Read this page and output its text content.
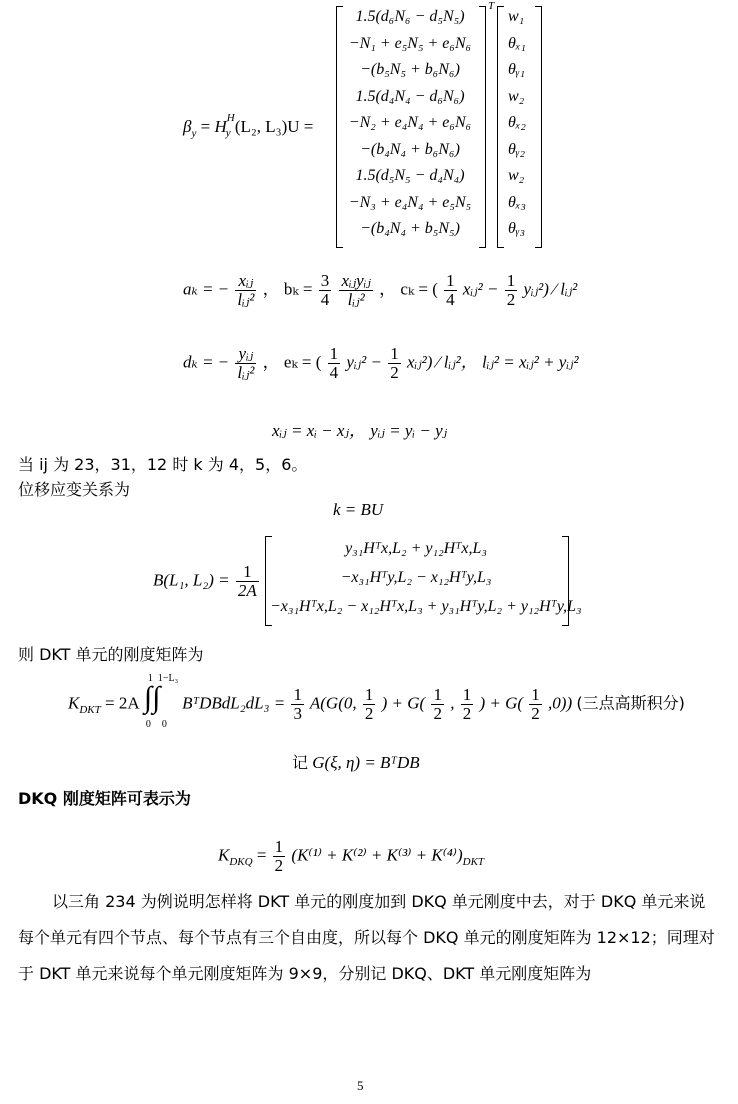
$\beta_y = H^H_y$ (L₂, L₃)U =
T
1.5(d₆N₆ − d₅N₅)
−N₁ + e₅N₅ + e₆N₆
−(b₅N₅ + b₆N₆)
1.5(d₄N₄ − d₆N₆)
−N₂ + e₄N₄ + e₆N₆
−(b₄N₄ + b₆N₆)
1.5(d₅N₅ − d₄N₄)
−N₃ + e₄N₄ + e₅N₅
−(b₄N₄ + b₅N₅)
w₁
θₓ₁
θᵧ₁
w₂
θₓ₂
θᵧ₂
w₂
θₓ₃
θᵧ₃
aₖ = − $\frac{\text{xᵢⱼ}}{\text{lᵢⱼ²}}$ ， $b_k = \frac{3}{4}$
$\frac{\text{xᵢⱼyᵢⱼ}}{\text{lᵢⱼ²}}$ ， cₖ = ( $\frac{1}{4}$ xᵢⱼ² − $\frac{1}{2}$ yᵢⱼ²) ⁄ lᵢⱼ²
dₖ = − $\frac{\text{yᵢⱼ}}{\text{lᵢⱼ²}}$ ， eₖ = ( $\frac{1}{4}$ yᵢⱼ² − $\frac{1}{2}$ xᵢⱼ²) ⁄ lᵢⱼ²， lᵢⱼ² = xᵢⱼ² + yᵢⱼ²
xᵢⱼ = xᵢ − xⱼ， yᵢⱼ = yᵢ − yⱼ
当 ij 为 23，31，12 时 k 为 4，5，6。
位移应变关系为
k = BU
B(L₁, $L_2) = \frac{1}{2A}$
y₃₁Hᵀx,L₂ + y₁₂Hᵀx,L₃
−x₃₁Hᵀy,L₂ − x₁₂Hᵀy,L₃
−x₃₁Hᵀx,L₂ − x₁₂Hᵀx,L₃ + y₃₁Hᵀy,L₂ + y₁₂Hᵀy,L₃
则 DKT 单元的刚度矩阵为
$K_{DKT} = 2A$ ∫∫
1 1−L₃
0 0
BᵀDBdL₂dL₃ = $\frac{1}{3} A(G(0$, $\frac{1}{2}$ ) + $G( \frac{1}{2}$ , $\frac{1}{2}$ ) + $G( \frac{1}{2} ,0)$) (三点高斯积分)
记 G(ξ, η) = BᵀDB
DKQ 刚度矩阵可表示为
$K_{DKQ} = \frac{1}{2} (K^{(1)} + K^{(2)} + K^{(3)} + K^{(4)})_{DKT}$
以三角 234 为例说明怎样将 DKT 单元的刚度加到 DKQ 单元刚度中去，对于 DKQ 单元来说每个单元有四个节点、每个节点有三个自由度，所以每个 DKQ 单元的刚度矩阵为 12×12；同理对于 DKT 单元来说每个单元刚度矩阵为 9×9，分别记 DKQ、DKT 单元刚度矩阵为
5
